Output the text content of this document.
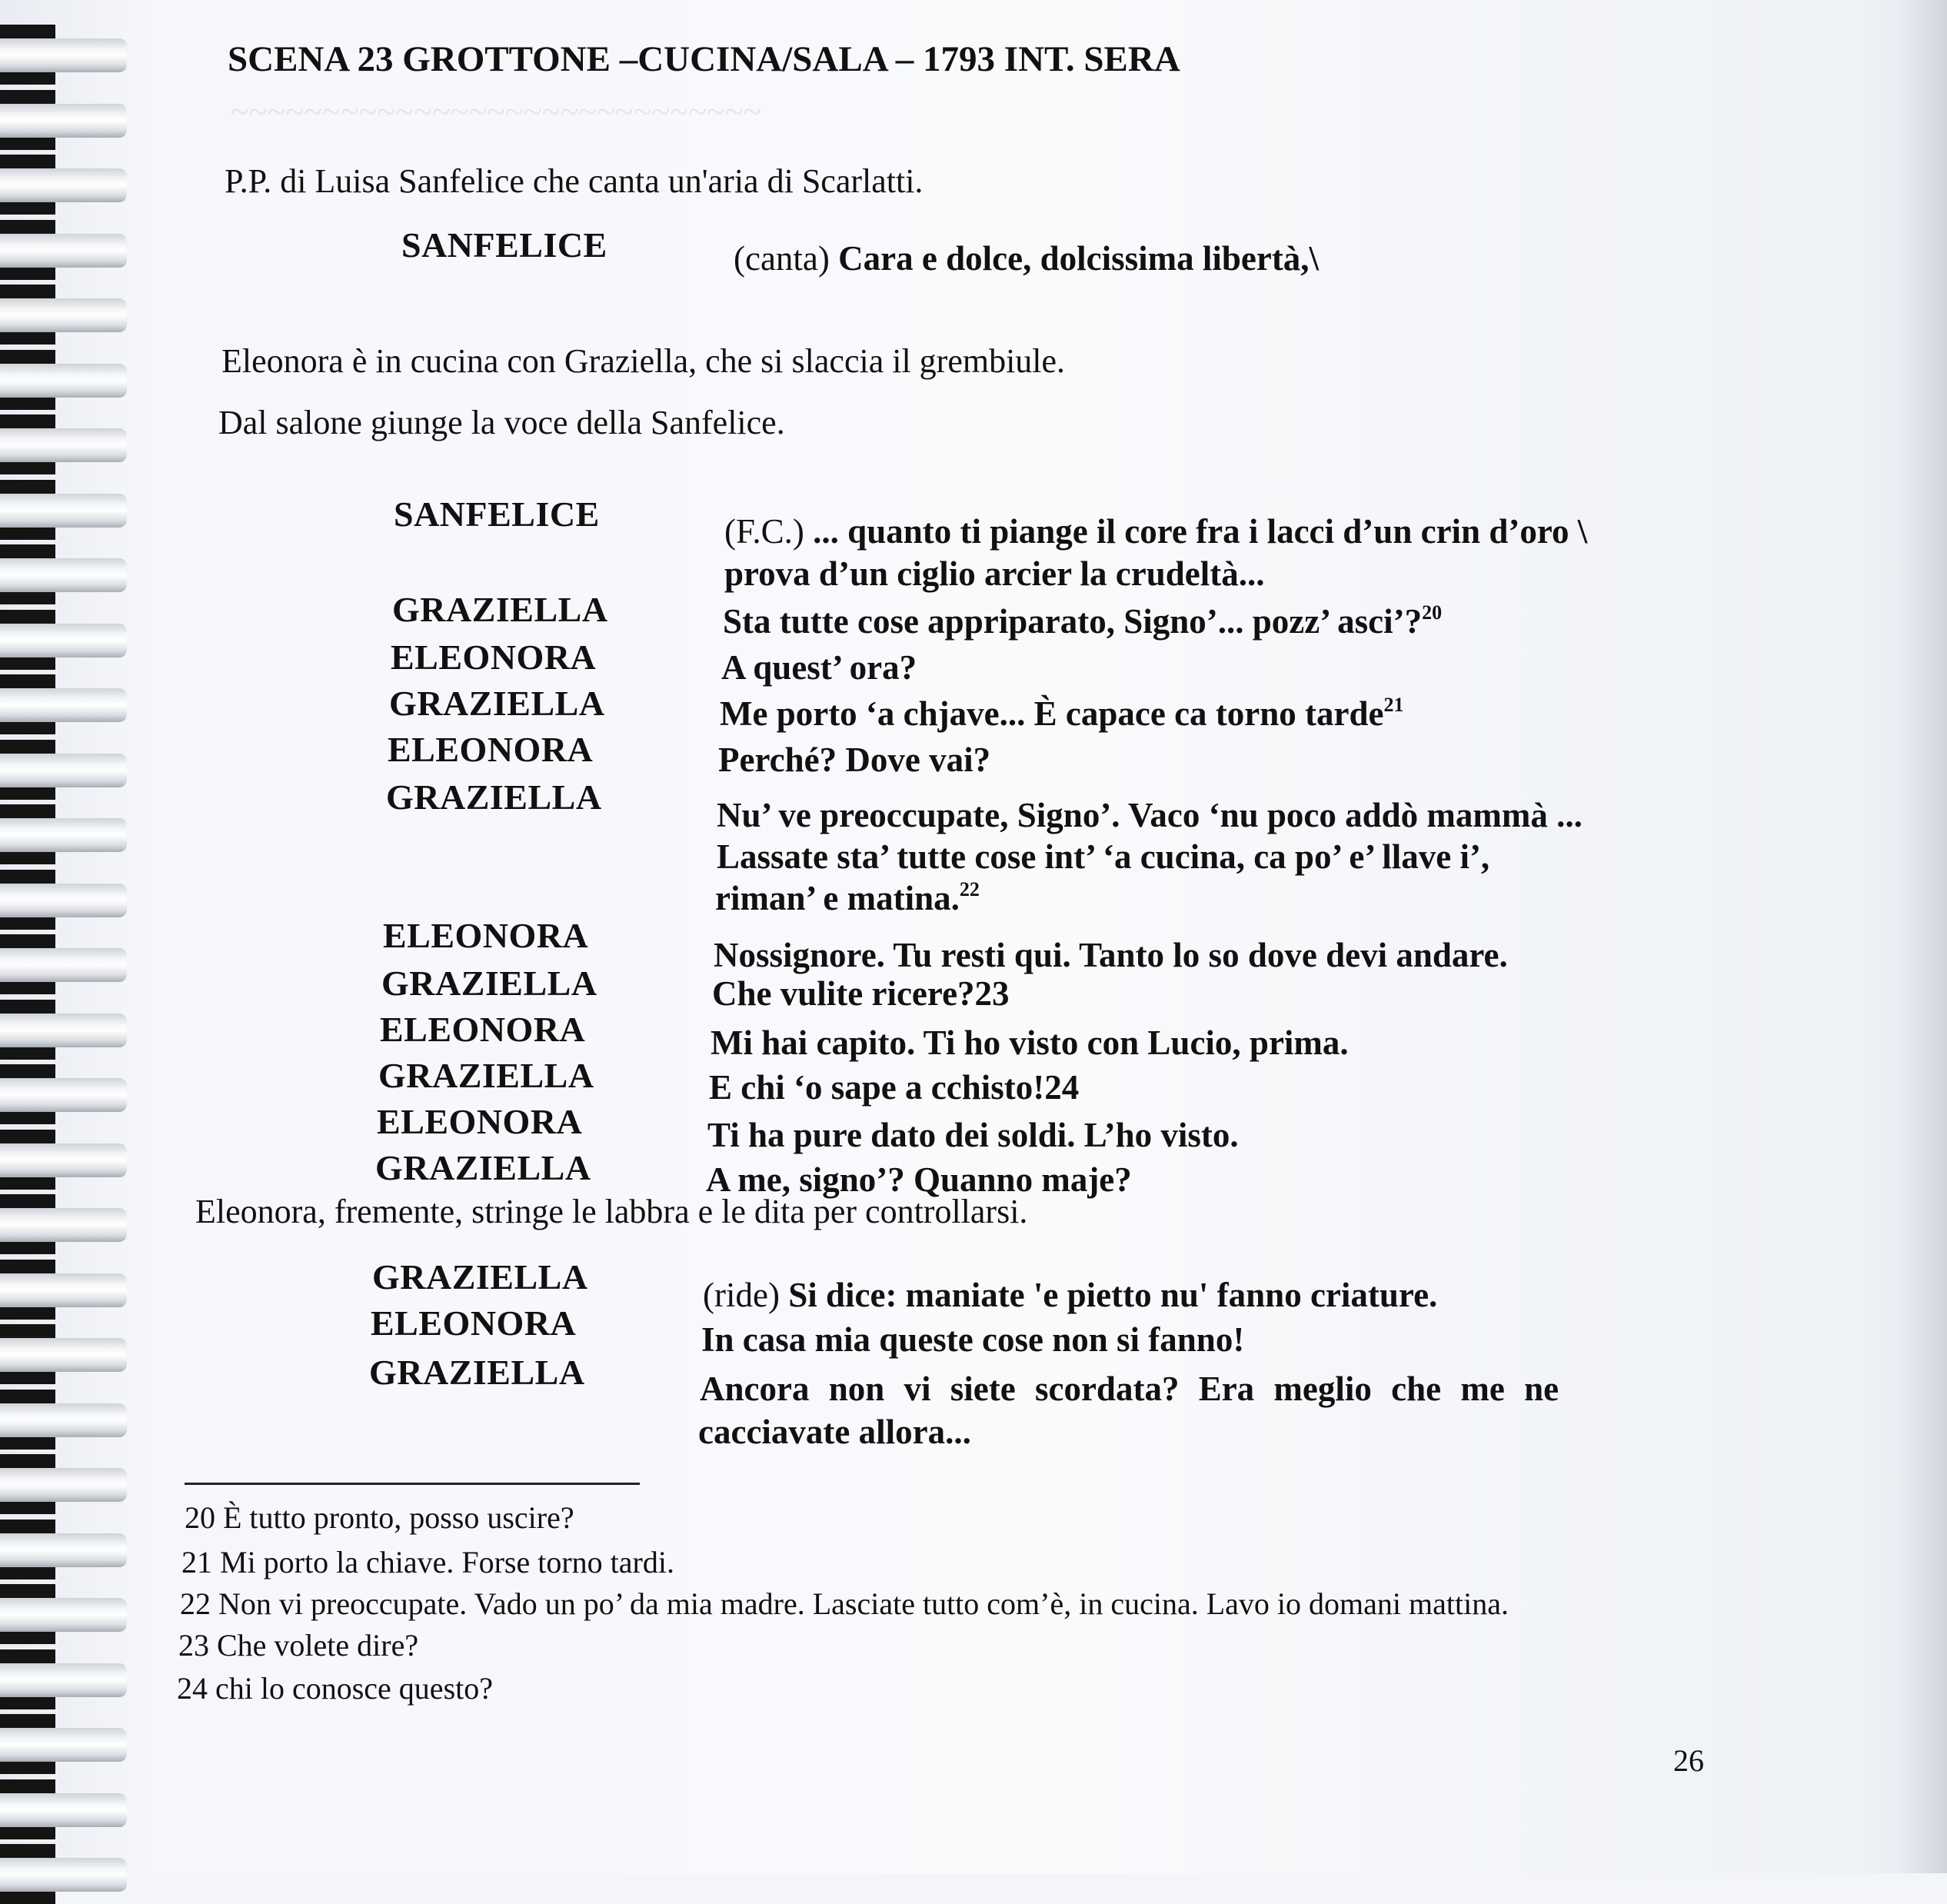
~~~~~~~~~~~~~~~~~~~~~~~~~~~~~
SCENA 23 GROTTONE –CUCINA/SALA – 1793 INT. SERA
P.P. di Luisa Sanfelice che canta un'aria di Scarlatti.
SANFELICE	(canta) Cara e dolce, dolcissima libertà,\
Eleonora è in cucina con Graziella, che si slaccia il grembiule.
Dal salone giunge la voce della Sanfelice.
SANFELICE	(F.C.) ... quanto ti piange il core fra i lacci d’un crin d’oro \
prova d’un ciglio arcier la crudeltà...
GRAZIELLA	Sta tutte cose appriparato, Signo’... pozz’ asci’?$^{20}$
ELEONORA	A quest’ ora?
GRAZIELLA	Me porto ‘a chjave... È capace ca torno tarde$^{21}$
ELEONORA	Perché? Dove vai?
GRAZIELLA	Nu’ ve preoccupate, Signo’. Vaco ‘nu poco addò mammà ...
Lassate sta’ tutte cose int’ ‘a cucina, ca po’ e’ llave i’,
riman’ e matina.$^{22}$
ELEONORA	Nossignore. Tu resti qui. Tanto lo so dove devi andare.
GRAZIELLA	Che vulite ricere?23
ELEONORA	Mi hai capito. Ti ho visto con Lucio, prima.
GRAZIELLA	E chi ‘o sape a cchisto!24
ELEONORA	Ti ha pure dato dei soldi. L’ho visto.
GRAZIELLA	A me, signo’? Quanno maje?
Eleonora, fremente, stringe le labbra e le dita per controllarsi.
GRAZIELLA	(ride) Si dice: maniate 'e pietto nu' fanno criature.
ELEONORA	In casa mia queste cose non si fanno!
GRAZIELLA	Ancora non vi siete scordata? Era meglio che me ne
cacciavate allora...
20 È tutto pronto, posso uscire?
21 Mi porto la chiave. Forse torno tardi.
22 Non vi preoccupate. Vado un po’ da mia madre. Lasciate tutto com’è, in cucina. Lavo io domani mattina.
23 Che volete dire?
24 chi lo conosce questo?
26
